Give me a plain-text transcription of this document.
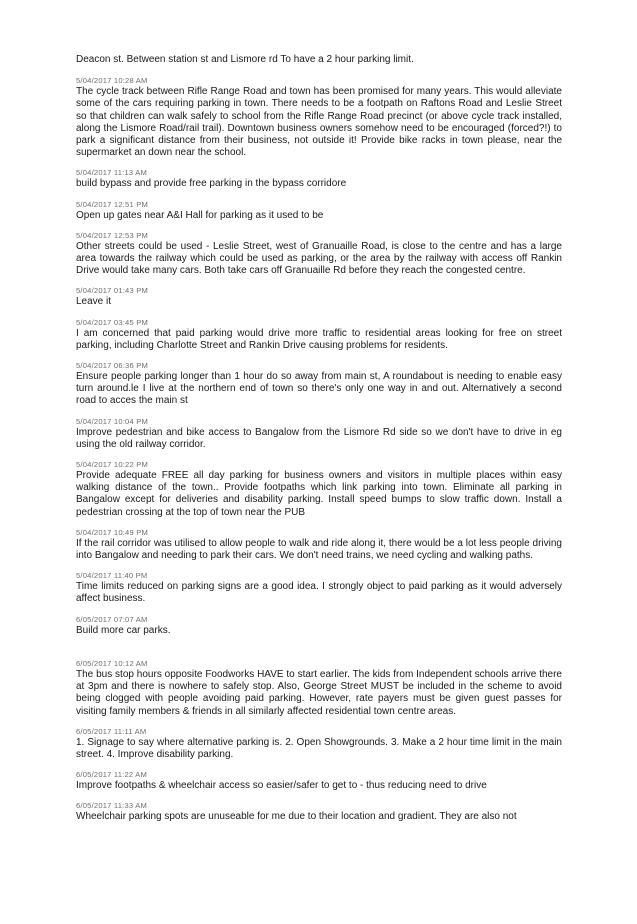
Deacon st. Between station st and Lismore rd To have a 2 hour parking limit.

5/04/2017 10:28 AM

The cycle track between Rifle Range Road and town has been promised for many years. This would alleviate some of the cars requiring parking in town. There needs to be a footpath on Raftons Road and Leslie Street so that children can walk safely to school from the Rifle Range Road precinct (or above cycle track installed, along the Lismore Road/rail trail). Downtown business owners somehow need to be encouraged (forced?!) to park a significant distance from their business, not outside it! Provide bike racks in town please, near the supermarket an down near the school.

5/04/2017 11:13 AM

build bypass and provide free parking in the bypass corridore

5/04/2017 12:51 PM

Open up gates near A&I Hall for parking as it used to be

5/04/2017 12:53 PM

Other streets could be used - Leslie Street, west of Granuaille Road, is close to the centre and has a large area towards the railway which could be used as parking, or the area by the railway with access off Rankin Drive would take many cars. Both take cars off Granuaille Rd before they reach the congested centre.

5/04/2017 01:43 PM

Leave it

5/04/2017 03:45 PM

I am concerned that paid parking would drive more traffic to residential areas looking for free on street parking, including Charlotte Street and Rankin Drive causing problems for residents.

5/04/2017 06:36 PM

Ensure people parking longer than 1 hour do so away from main st, A roundabout is needing to enable easy turn around.le I live at the northern end of town so there's only one way in and out. Alternatively a second road to acces the main st

5/04/2017 10:04 PM

Improve pedestrian and bike access to Bangalow from the Lismore Rd side so we don't have to drive in eg using the old railway corridor.

5/04/2017 10:22 PM

Provide adequate FREE all day parking for business owners and visitors in multiple places within easy walking distance of the town.. Provide footpaths which link parking into town. Eliminate all parking in Bangalow except for deliveries and disability parking. Install speed bumps to slow traffic down. Install a pedestrian crossing at the top of town near the PUB

5/04/2017 10:49 PM

If the rail corridor was utilised to allow people to walk and ride along it, there would be a lot less people driving into Bangalow and needing to park their cars. We don't need trains, we need cycling and walking paths.

5/04/2017 11:40 PM

Time limits reduced on parking signs are a good idea. I strongly object to paid parking as it would adversely affect business.

6/05/2017 07:07 AM

Build more car parks.

6/05/2017 10:12 AM

The bus stop hours opposite Foodworks HAVE to start earlier. The kids from Independent schools arrive there at 3pm and there is nowhere to safely stop. Also, George Street MUST be included in the scheme to avoid being clogged with people avoiding paid parking. However, rate payers must be given guest passes for visiting family members & friends in all similarly affected residential town centre areas.

6/05/2017 11:11 AM

1. Signage to say where alternative parking is. 2. Open Showgrounds. 3. Make a 2 hour time limit in the main street. 4. Improve disability parking.

6/05/2017 11:22 AM

Improve footpaths & wheelchair access so easier/safer to get to - thus reducing need to drive

6/05/2017 11:33 AM

Wheelchair parking spots are unuseable for me due to their location and gradient. They are also not
